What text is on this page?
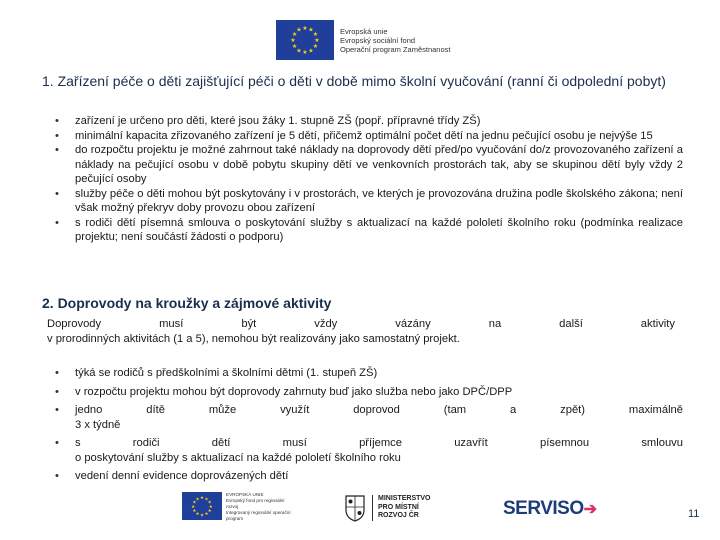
★ ★
★
★
★
★
★
★
★
★
★
★	Evropská unie
Evropský sociální fond
Operační program Zaměstnanost
1. Zařízení péče o děti zajišťující péči o děti v době mimo školní vyučování (ranní či odpolední pobyt)
• zařízení je určeno pro děti, které jsou žáky 1. stupně ZŠ (popř. přípravné třídy ZŠ)
• minimální kapacita zřizovaného zařízení je 5 dětí, přičemž optimální počet dětí na jednu pečující osobu je nejvýše 15
• do rozpočtu projektu je možné zahrnout také náklady na doprovody dětí před/po vyučování do/z provozovaného zařízení a náklady na pečující osobu v době pobytu skupiny dětí ve venkovních prostorách tak, aby se skupinou dětí byly vždy 2 pečující osoby
• služby péče o děti mohou být poskytovány i v prostorách, ve kterých je provozována družina podle školského zákona; není však možný překryv doby provozu obou zařízení
• s rodiči dětí písemná smlouva o poskytování služby s aktualizací na každé pololetí školního roku (podmínka realizace projektu; není součástí žádosti o podporu)
2. Doprovody na kroužky a zájmové aktivity
Doprovody musí být vždy vázány na další aktivity
v prorodinných aktivitách (1 a 5), nemohou být realizovány jako samostatný projekt.
• týká se rodičů s předškolními a školními dětmi (1. stupeň ZŠ)
• v rozpočtu projektu mohou být doprovody zahrnuty buď jako služba nebo jako DPČ/DPP
• jedno dítě může využít doprovod (tam a zpět) maximálně
3 x týdně
• s rodiči dětí musí příjemce uzavřít písemnou smlouvu
o poskytování služby s aktualizací na každé pololetí školního roku
• vedení denní evidence doprovázených dětí
★ ★
★
★
★
★
★
★
★
★
★
★
EVROPSKÁ UNIE
Evropský fond pro regionální rozvoj
Integrovaný regionální operační program
MINISTERSTVO
PRO MÍSTNÍ
ROZVOJ ČR	SERVISO➔	11
